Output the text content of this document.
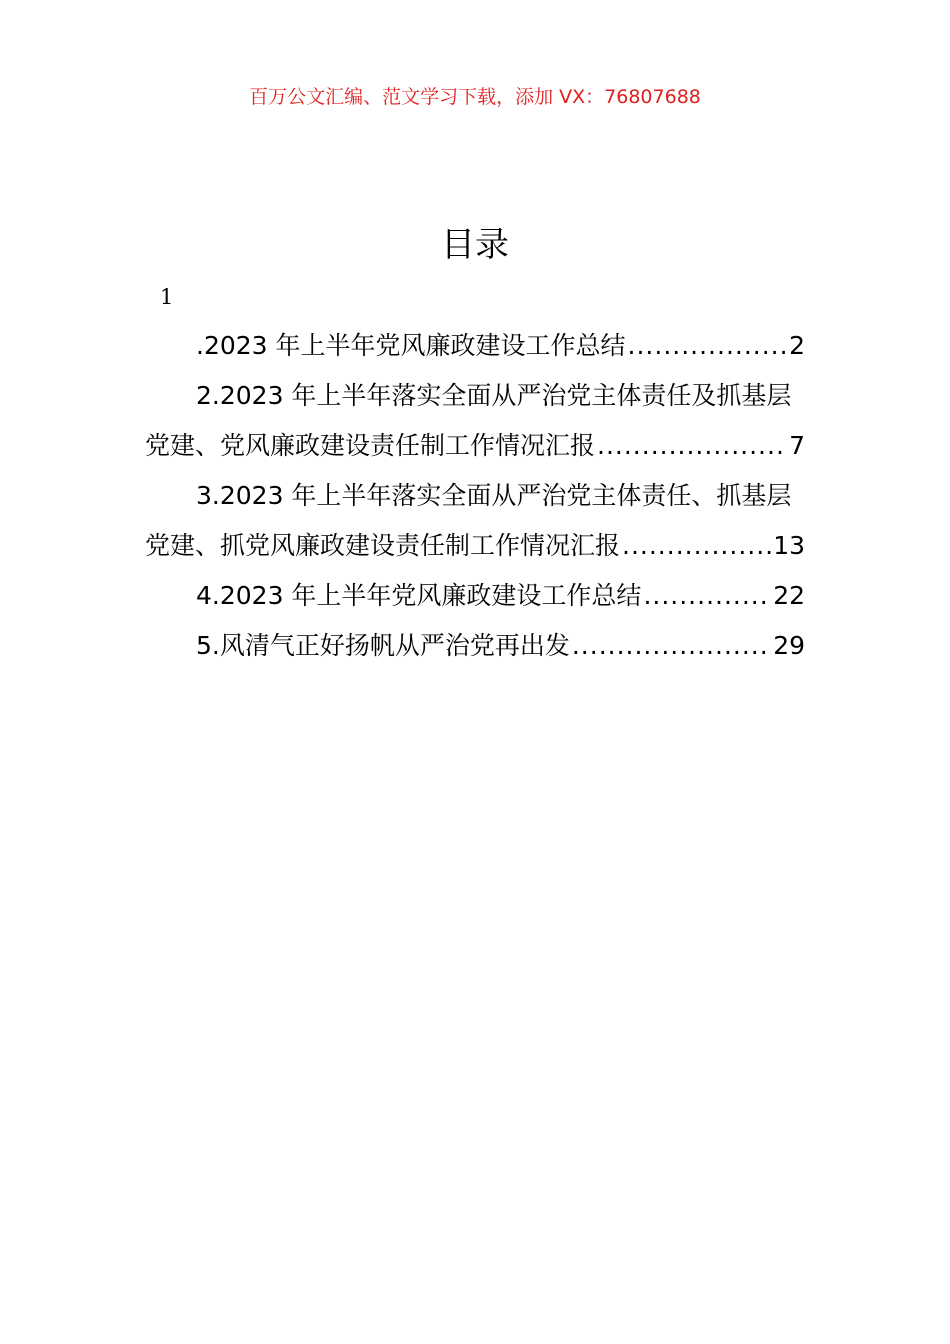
百万公文汇编、范文学习下载，添加 VX：76807688
目录
1
.2023 年上半年党风廉政建设工作总结 .....	2
2.2023 年上半年落实全面从严治党主体责任及抓基层
党建、党风廉政建设责任制工作情况汇报 .....	7
3.2023 年上半年落实全面从严治党主体责任、抓基层
党建、抓党风廉政建设责任制工作情况汇报 .....	13
4.2023 年上半年党风廉政建设工作总结 .....	22
5.风清气正好扬帆从严治党再出发 .....	29
